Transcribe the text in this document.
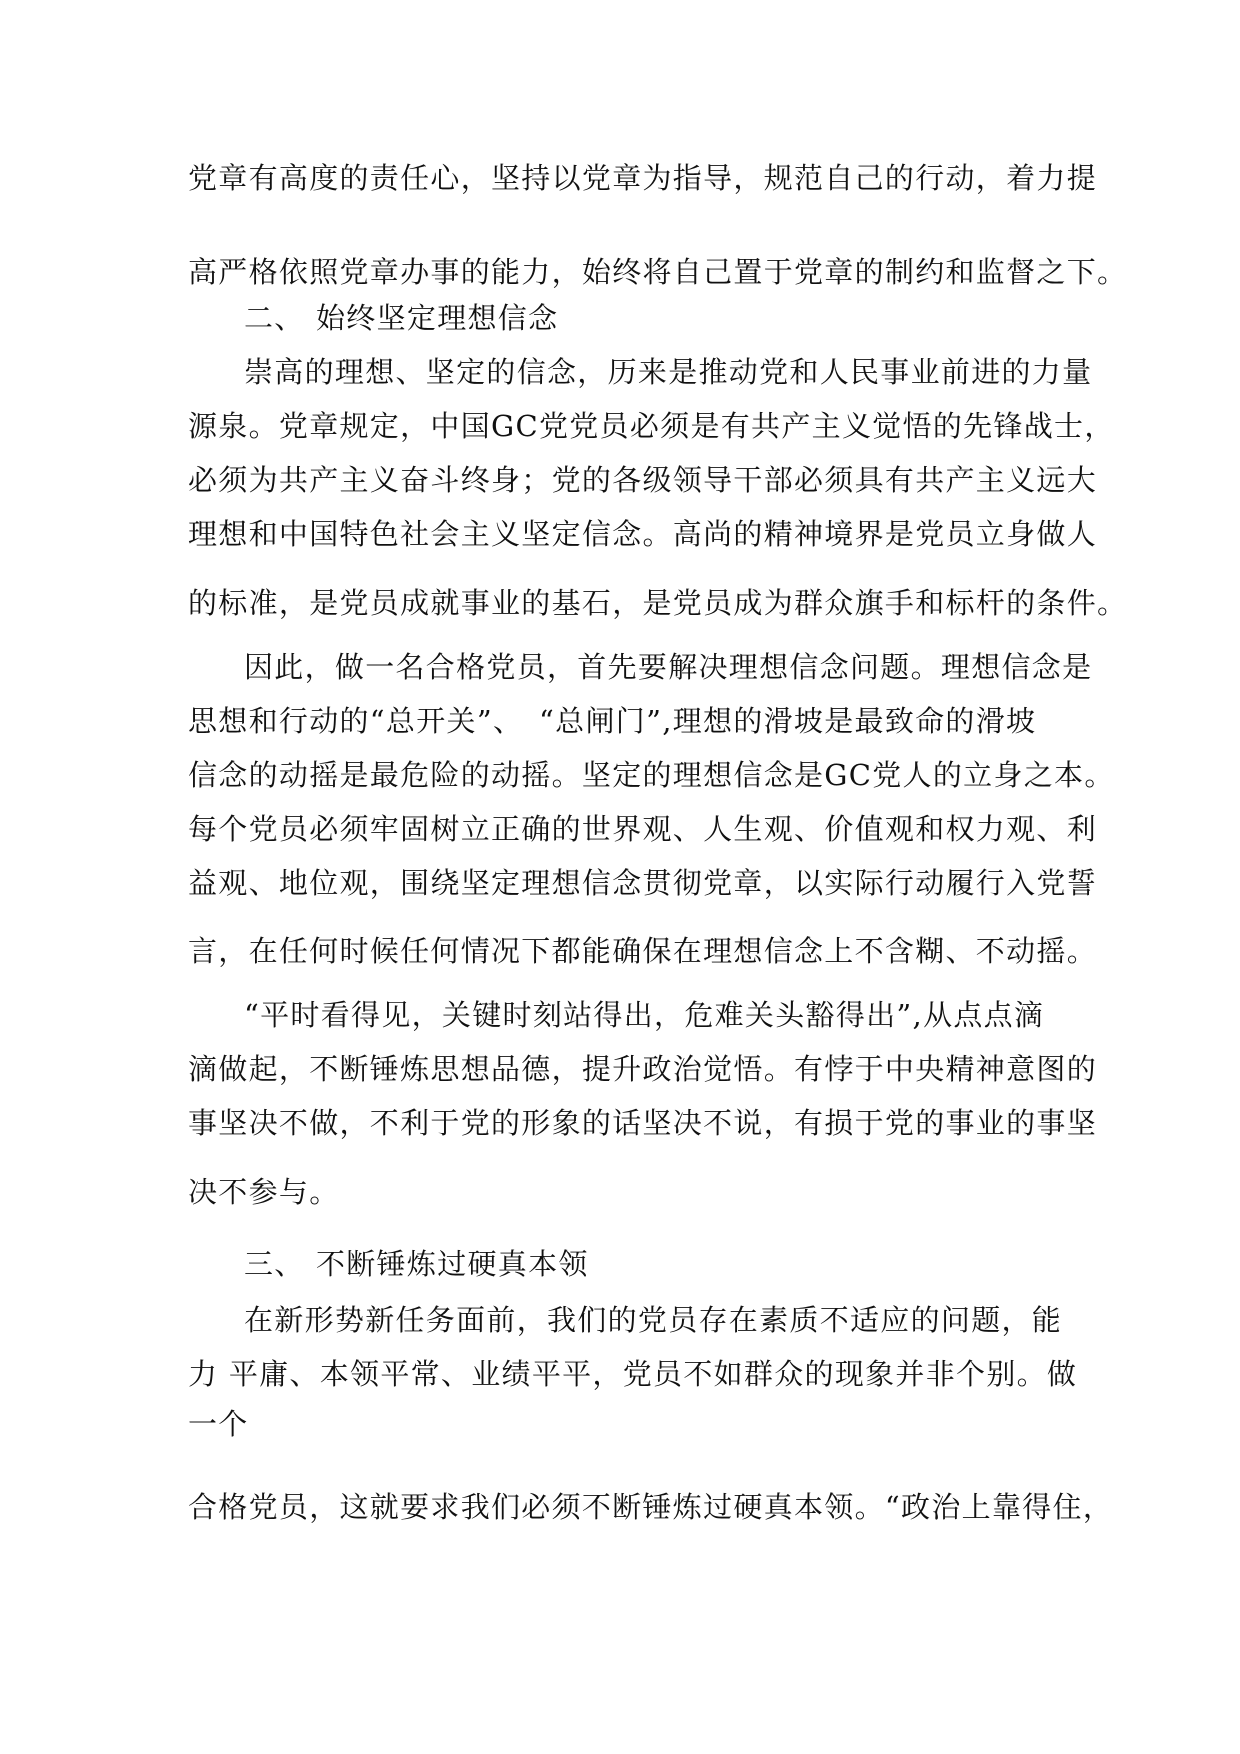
党章有高度的责任心，坚持以党章为指导，规范自己的行动，着力提
高严格依照党章办事的能力，始终将自己置于党章的制约和监督之下。
二、 始终坚定理想信念
崇高的理想、坚定的信念，历来是推动党和人民事业前进的力量
源泉。党章规定，中国GC党党员必须是有共产主义觉悟的先锋战士，
必须为共产主义奋斗终身；党的各级领导干部必须具有共产主义远大
理想和中国特色社会主义坚定信念。高尚的精神境界是党员立身做人
的标准，是党员成就事业的基石，是党员成为群众旗手和标杆的条件。
因此，做一名合格党员，首先要解决理想信念问题。理想信念是
思想和行动的“总开关”、　“总闸门”,理想的滑坡是最致命的滑坡
信念的动摇是最危险的动摇。坚定的理想信念是GC党人的立身之本。
每个党员必须牢固树立正确的世界观、人生观、价值观和权力观、利
益观、地位观，围绕坚定理想信念贯彻党章，以实际行动履行入党誓
言，在任何时候任何情况下都能确保在理想信念上不含糊、不动摇。
“平时看得见，关键时刻站得出，危难关头豁得出”,从点点滴
滴做起，不断锤炼思想品德，提升政治觉悟。有悖于中央精神意图的
事坚决不做，不利于党的形象的话坚决不说，有损于党的事业的事坚
决不参与。
三、 不断锤炼过硬真本领
在新形势新任务面前，我们的党员存在素质不适应的问题，能
力 平庸、本领平常、业绩平平，党员不如群众的现象并非个别。做
一个
合格党员，这就要求我们必须不断锤炼过硬真本领。“政治上靠得住，
